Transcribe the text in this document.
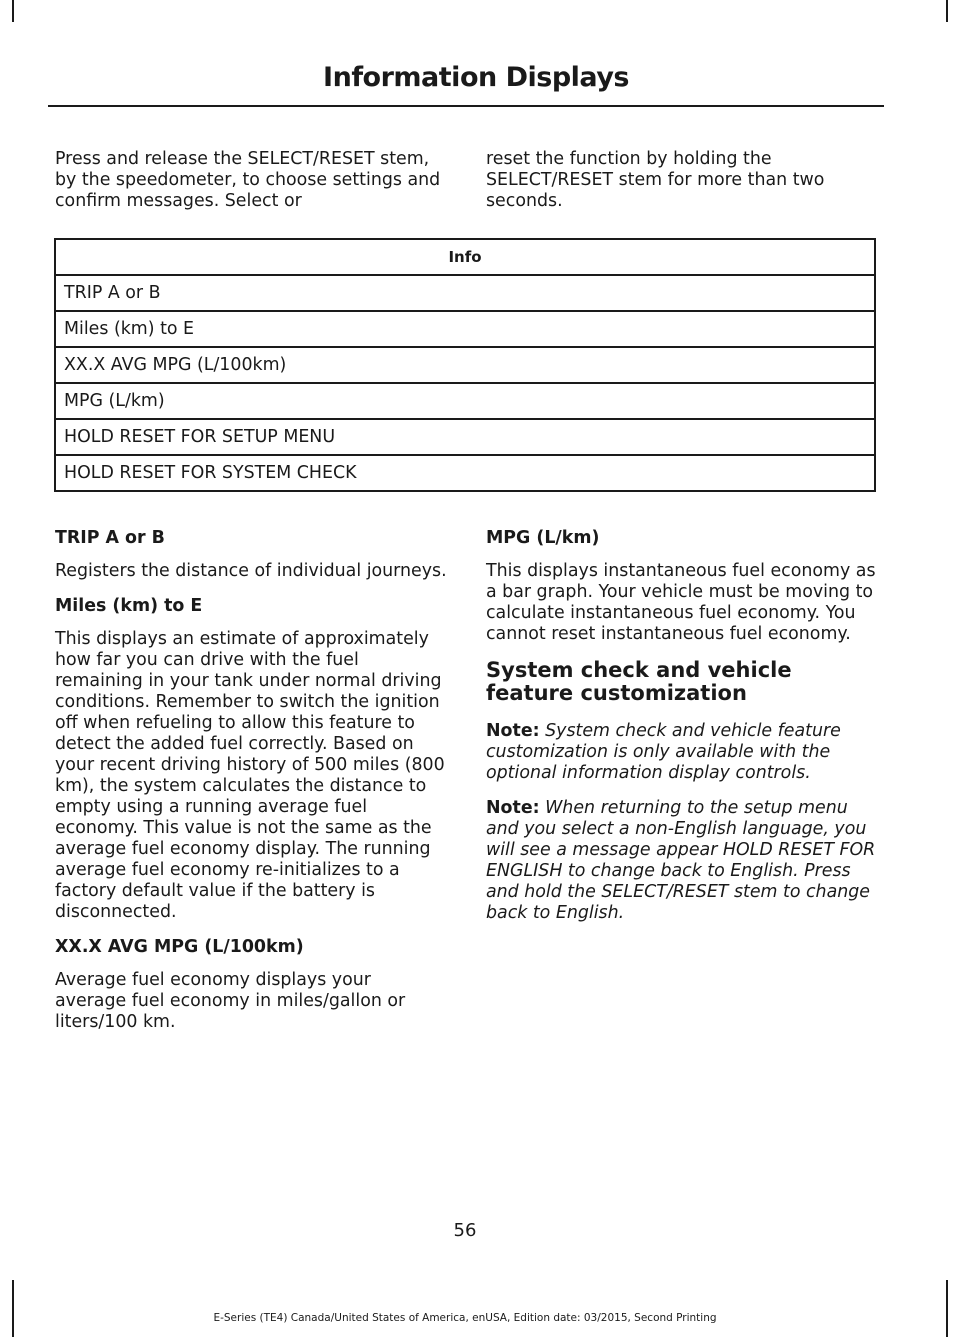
Information Displays

Press and release the SELECT/RESET stem, by the speedometer, to choose settings and confirm messages. Select or

reset the function by holding the SELECT/RESET stem for more than two seconds.

Info
TRIP A or B
Miles (km) to E
XX.X AVG MPG (L/100km)
MPG (L/km)
HOLD RESET FOR SETUP MENU
HOLD RESET FOR SYSTEM CHECK
TRIP A or B

Registers the distance of individual journeys.

Miles (km) to E

This displays an estimate of approximately how far you can drive with the fuel remaining in your tank under normal driving conditions. Remember to switch the ignition off when refueling to allow this feature to detect the added fuel correctly. Based on your recent driving history of 500 miles (800 km), the system calculates the distance to empty using a running average fuel economy. This value is not the same as the average fuel economy display. The running average fuel economy re-initializes to a factory default value if the battery is disconnected.

XX.X AVG MPG (L/100km)

Average fuel economy displays your average fuel economy in miles/gallon or liters/100 km.

MPG (L/km)

This displays instantaneous fuel economy as a bar graph. Your vehicle must be moving to calculate instantaneous fuel economy. You cannot reset instantaneous fuel economy.

System check and vehicle feature customization

Note: System check and vehicle feature customization is only available with the optional information display controls.

Note: When returning to the setup menu and you select a non-English language, you will see a message appear HOLD RESET FOR ENGLISH to change back to English. Press and hold the SELECT/RESET stem to change back to English.

56
E-Series (TE4) Canada/United States of America, enUSA, Edition date: 03/2015, Second Printing
